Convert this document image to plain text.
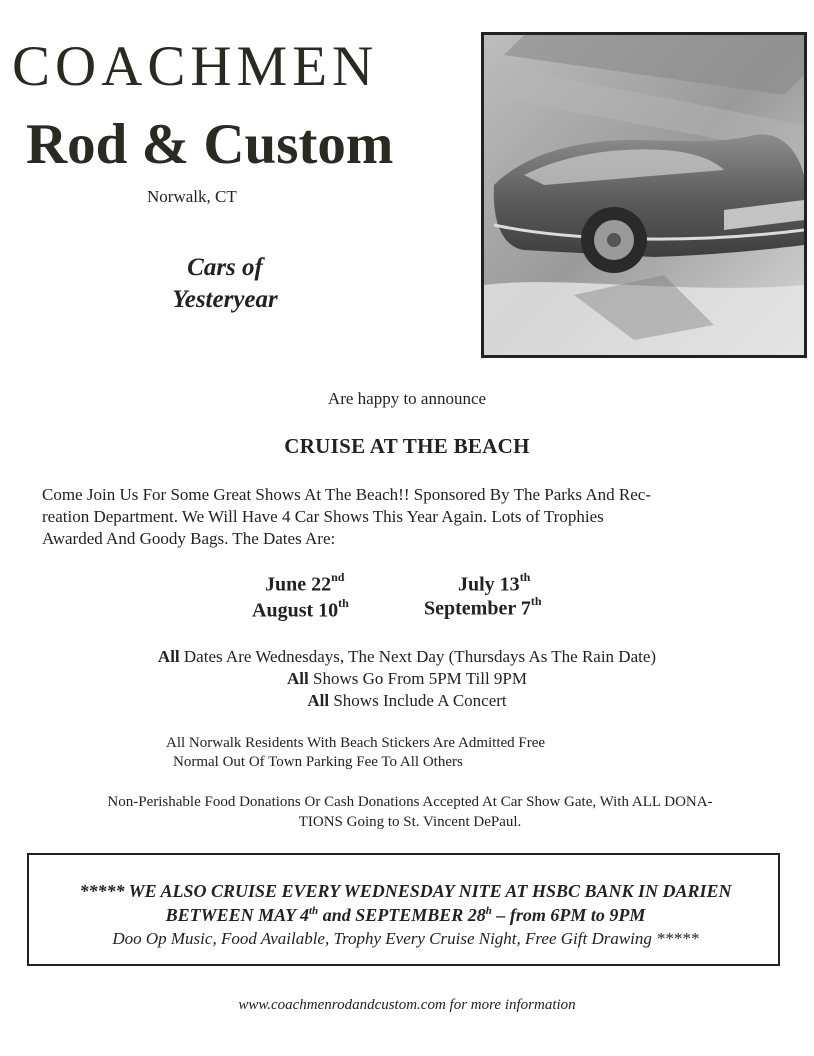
COACHMEN
Rod & Custom
Norwalk, CT
Cars of
Yesteryear
Are happy to announce
CRUISE AT THE BEACH
Come Join Us For Some Great Shows At The Beach!! Sponsored By The Parks And Rec-
reation Department. We Will Have 4 Car Shows This Year Again. Lots of Trophies
Awarded And Goody Bags. The Dates Are:
June 22nd	July 13th
August 10th	September 7th
All Dates Are Wednesdays, The Next Day (Thursdays As The Rain Date)
All Shows Go From 5PM Till 9PM
All Shows Include A Concert
All Norwalk Residents With Beach Stickers Are Admitted Free
Normal Out Of Town Parking Fee To All Others
Non-Perishable Food Donations Or Cash Donations Accepted At Car Show Gate, With ALL DONA-
TIONS Going to St. Vincent DePaul.
***** WE ALSO CRUISE EVERY WEDNESDAY NITE AT HSBC BANK IN DARIEN
BETWEEN MAY 4th and SEPTEMBER 28$^h$ – from 6PM to 9PM
Doo Op Music, Food Available, Trophy Every Cruise Night, Free Gift Drawing *****
www.coachmenrodandcustom.com for more information
